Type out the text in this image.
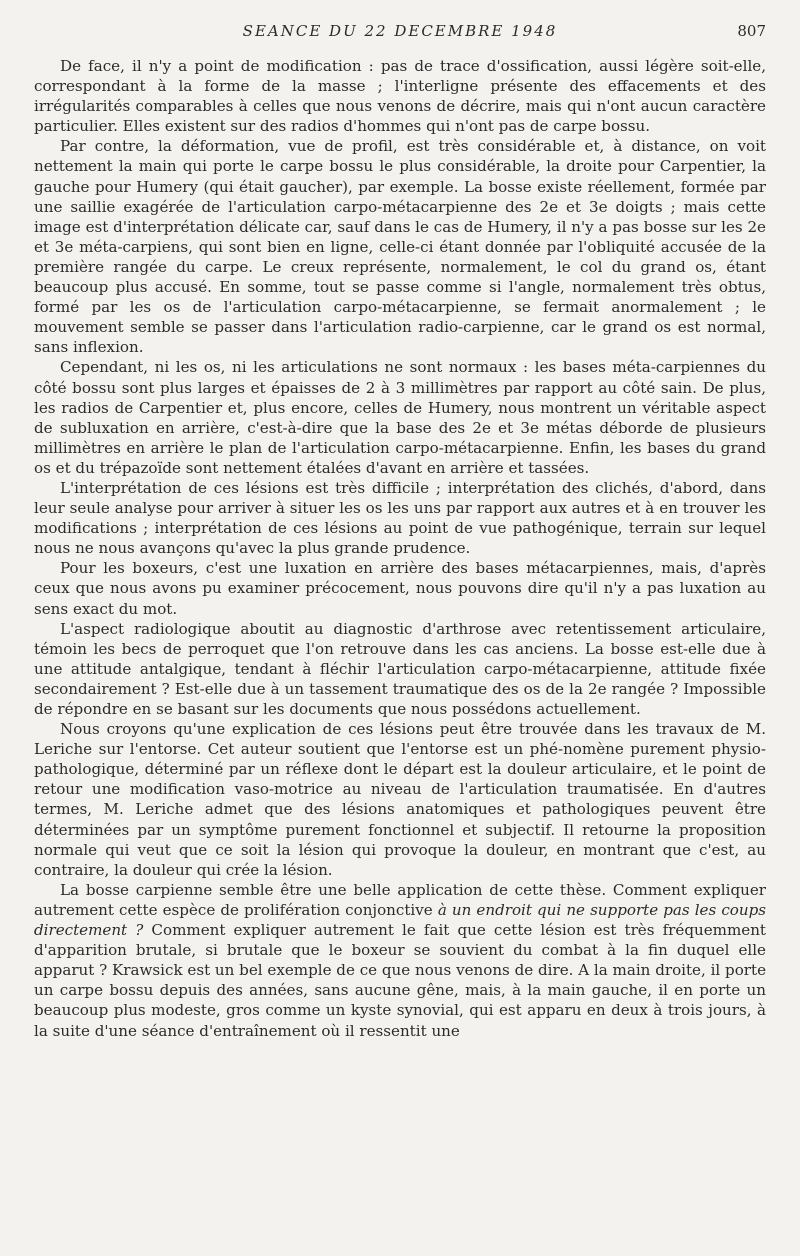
SEANCE DU 22 DECEMBRE 1948	807

De face, il n'y a point de modification : pas de trace d'ossification, aussi légère soit-elle, correspondant à la forme de la masse ; l'interligne présente des effacements et des irrégularités comparables à celles que nous venons de décrire, mais qui n'ont aucun caractère particulier. Elles existent sur des radios d'hommes qui n'ont pas de carpe bossu.

Par contre, la déformation, vue de profil, est très considérable et, à distance, on voit nettement la main qui porte le carpe bossu le plus considérable, la droite pour Carpentier, la gauche pour Humery (qui était gaucher), par exemple. La bosse existe réellement, formée par une saillie exagérée de l'articulation carpo-métacarpienne des 2e et 3e doigts ; mais cette image est d'interprétation délicate car, sauf dans le cas de Humery, il n'y a pas bosse sur les 2e et 3e méta-carpiens, qui sont bien en ligne, celle-ci étant donnée par l'obliquité accusée de la première rangée du carpe. Le creux représente, normalement, le col du grand os, étant beaucoup plus accusé. En somme, tout se passe comme si l'angle, normalement très obtus, formé par les os de l'articulation carpo-métacarpienne, se fermait anormalement ; le mouvement semble se passer dans l'articulation radio-carpienne, car le grand os est normal, sans inflexion.

Cependant, ni les os, ni les articulations ne sont normaux : les bases méta-carpiennes du côté bossu sont plus larges et épaisses de 2 à 3 millimètres par rapport au côté sain. De plus, les radios de Carpentier et, plus encore, celles de Humery, nous montrent un véritable aspect de subluxation en arrière, c'est-à-dire que la base des 2e et 3e métas déborde de plusieurs millimètres en arrière le plan de l'articulation carpo-métacarpienne. Enfin, les bases du grand os et du trépazoïde sont nettement étalées d'avant en arrière et tassées.

L'interprétation de ces lésions est très difficile ; interprétation des clichés, d'abord, dans leur seule analyse pour arriver à situer les os les uns par rapport aux autres et à en trouver les modifications ; interprétation de ces lésions au point de vue pathogénique, terrain sur lequel nous ne nous avançons qu'avec la plus grande prudence.

Pour les boxeurs, c'est une luxation en arrière des bases métacarpiennes, mais, d'après ceux que nous avons pu examiner précocement, nous pouvons dire qu'il n'y a pas luxation au sens exact du mot.

L'aspect radiologique aboutit au diagnostic d'arthrose avec retentissement articulaire, témoin les becs de perroquet que l'on retrouve dans les cas anciens. La bosse est-elle due à une attitude antalgique, tendant à fléchir l'articulation carpo-métacarpienne, attitude fixée secondairement ? Est-elle due à un tassement traumatique des os de la 2e rangée ? Impossible de répondre en se basant sur les documents que nous possédons actuellement.

Nous croyons qu'une explication de ces lésions peut être trouvée dans les travaux de M. Leriche sur l'entorse. Cet auteur soutient que l'entorse est un phé-nomène purement physio-pathologique, déterminé par un réflexe dont le départ est la douleur articulaire, et le point de retour une modification vaso-motrice au niveau de l'articulation traumatisée. En d'autres termes, M. Leriche admet que des lésions anatomiques et pathologiques peuvent être déterminées par un symptôme purement fonctionnel et subjectif. Il retourne la proposition normale qui veut que ce soit la lésion qui provoque la douleur, en montrant que c'est, au contraire, la douleur qui crée la lésion.

La bosse carpienne semble être une belle application de cette thèse. Comment expliquer autrement cette espèce de prolifération conjonctive à un endroit qui ne supporte pas les coups directement ? Comment expliquer autrement le fait que cette lésion est très fréquemment d'apparition brutale, si brutale que le boxeur se souvient du combat à la fin duquel elle apparut ? Krawsick est un bel exemple de ce que nous venons de dire. A la main droite, il porte un carpe bossu depuis des années, sans aucune gêne, mais, à la main gauche, il en porte un beaucoup plus modeste, gros comme un kyste synovial, qui est apparu en deux à trois jours, à la suite d'une séance d'entraînement où il ressentit une
